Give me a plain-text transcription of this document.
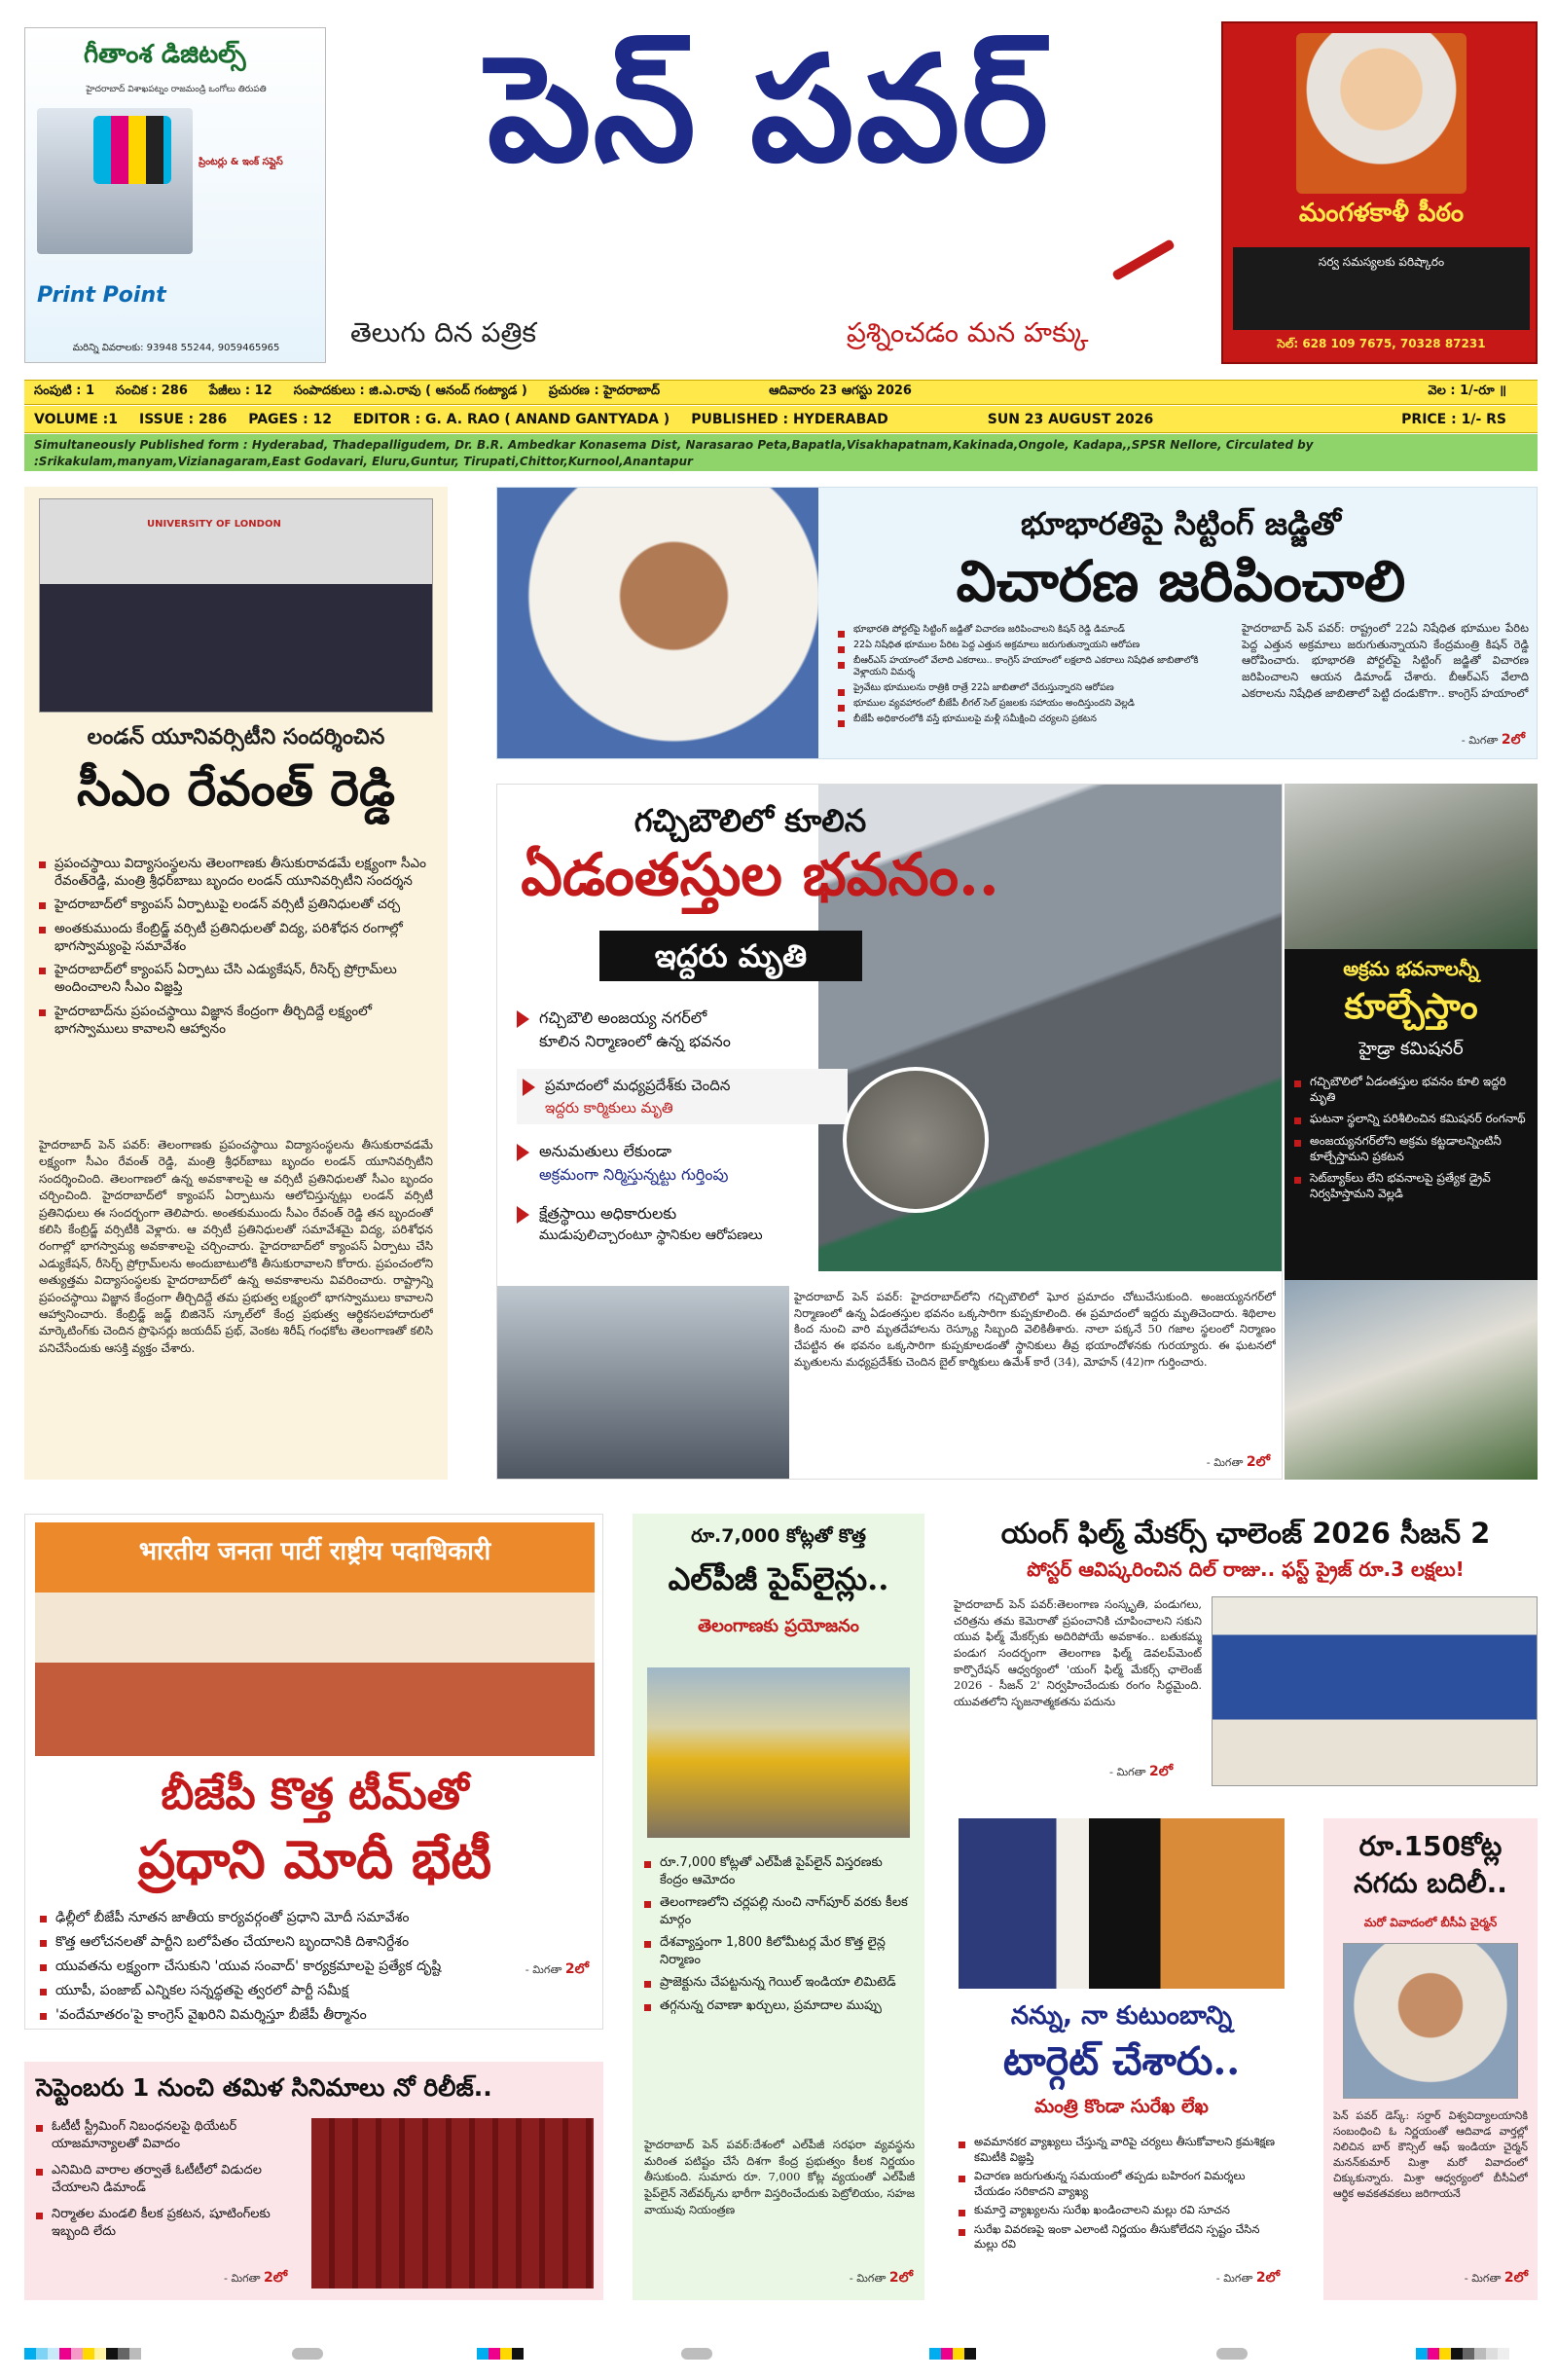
గీతాంశ డిజిటల్స్
హైదరాబాద్ విశాఖపట్నం రాజమండ్రి ఒంగోలు తిరుపతి
ప్రింటర్లు & ఇంక్ సప్లైస్
Print Point
మరిన్ని వివరాలకు: 93948 55244, 9059465965
పెన్ పవర్
తెలుగు దిన పత్రిక	ప్రశ్నించడం మన హక్కు
మంగళకాళీ పీఠం
సర్వ సమస్యలకు పరిష్కారం
సెల్: 628 109 7675, 70328 87231
సంపుటి : 1 సంచిక : 286 పేజీలు : 12 సంపాదకులు : జి.ఎ.రావు ( ఆనంద్ గంట్యాడ ) ప్రచురణ : హైదరాబాద్	ఆదివారం 23 ఆగస్టు 2026	వెల : 1/-రూ ॥
VOLUME :1 ISSUE : 286 PAGES : 12 EDITOR : G. A. RAO ( ANAND GANTYADA ) PUBLISHED : HYDERABAD	SUN 23 AUGUST 2026	PRICE : 1/- RS
Simultaneously Published form : Hyderabad, Thadepalligudem, Dr. B.R. Ambedkar Konasema Dist, Narasarao Peta,Bapatla,Visakhapatnam,Kakinada,Ongole, Kadapa,,SPSR Nellore, Circulated by :Srikakulam,manyam,Vizianagaram,East Godavari, Eluru,Guntur, Tirupati,Chittor,Kurnool,Anantapur
UNIVERSITY OF LONDON
లండన్ యూనివర్సిటీని సందర్శించిన
సీఎం రేవంత్ రెడ్డి
ప్రపంచస్థాయి విద్యాసంస్థలను తెలంగాణకు తీసుకురావడమే లక్ష్యంగా సీఎం రేవంత్‌రెడ్డి, మంత్రి శ్రీధర్‌బాబు బృందం లండన్ యూనివర్సిటీని సందర్శన
హైదరాబాద్‌లో క్యాంపస్ ఏర్పాటుపై లండన్ వర్సిటీ ప్రతినిధులతో చర్చ
అంతకుముందు కేంబ్రిడ్జ్ వర్సిటీ ప్రతినిధులతో విద్య, పరిశోధన రంగాల్లో భాగస్వామ్యంపై సమావేశం
హైదరాబాద్‌లో క్యాంపస్ ఏర్పాటు చేసి ఎడ్యుకేషన్, రీసెర్చ్ ప్రోగ్రామ్‌లు అందించాలని సీఎం విజ్ఞప్తి
హైదరాబాద్‌ను ప్రపంచస్థాయి విజ్ఞాన కేంద్రంగా తీర్చిదిద్దే లక్ష్యంలో భాగస్వాములు కావాలని ఆహ్వానం
హైదరాబాద్ పెన్ పవర్: తెలంగాణకు ప్రపంచస్థాయి విద్యాసంస్థలను తీసుకురావడమే లక్ష్యంగా సీఎం రేవంత్ రెడ్డి, మంత్రి శ్రీధర్‌బాబు బృందం లండన్ యూనివర్సిటీని సందర్శించింది. తెలంగాణలో ఉన్న అవకాశాలపై ఆ వర్సిటీ ప్రతినిధులతో సీఎం బృందం చర్చించింది. హైదరాబాద్‌లో క్యాంపస్ ఏర్పాటును ఆలోచిస్తున్నట్లు లండన్ వర్సిటీ ప్రతినిధులు ఈ సందర్భంగా తెలిపారు. అంతకుముందు సీఎం రేవంత్ రెడ్డి తన బృందంతో కలిసి కేంబ్రిడ్జ్ వర్సిటీకి వెళ్లారు. ఆ వర్సిటీ ప్రతినిధులతో సమావేశమై విద్య, పరిశోధన రంగాల్లో భాగస్వామ్య అవకాశాలపై చర్చించారు. హైదరాబాద్‌లో క్యాంపస్ ఏర్పాటు చేసి ఎడ్యుకేషన్, రీసెర్చ్ ప్రోగ్రామ్‌లను అందుబాటులోకి తీసుకురావాలని కోరారు. ప్రపంచంలోని అత్యుత్తమ విద్యాసంస్థలకు హైదరాబాద్‌లో ఉన్న అవకాశాలను వివరించారు. రాష్ట్రాన్ని ప్రపంచస్థాయి విజ్ఞాన కేంద్రంగా తీర్చిదిద్దే తమ ప్రభుత్వ లక్ష్యంలో భాగస్వాములు కావాలని ఆహ్వానించారు. కేంబ్రిడ్జ్ జడ్జ్ బిజినెస్ స్కూల్‌లో కేంద్ర ప్రభుత్వ ఆర్థికసలహాదారులో మార్కెటింగ్‌కు చెందిన ప్రొఫెసర్లు జయదీప్ ప్రభ్, వెంకట శిరీష్ గంధకోట తెలంగాణతో కలిసి పనిచేసేందుకు ఆసక్తి వ్యక్తం చేశారు.
భూభారతిపై సిట్టింగ్ జడ్జితో
విచారణ జరిపించాలి
భూభారతి పోర్టల్‌పై సిట్టింగ్ జడ్జితో విచారణ జరిపించాలని కిషన్ రెడ్డి డిమాండ్
22ఏ నిషేధిత భూముల పేరిట పెద్ద ఎత్తున అక్రమాలు జరుగుతున్నాయని ఆరోపణ
బీఆర్ఎస్ హయాంలో వేలాది ఎకరాలు.. కాంగ్రెస్ హయాంలో లక్షలాది ఎకరాలు నిషేధిత జాబితాలోకి వెళ్లాయని విమర్శ
ప్రైవేటు భూములను రాత్రికి రాత్రే 22ఏ జాబితాలో చేరుస్తున్నారని ఆరోపణ
భూముల వ్యవహారంలో బీజేపీ లీగల్ సెల్ ప్రజలకు సహాయం అందిస్తుందని వెల్లడి
బీజేపీ అధికారంలోకి వస్తే భూములపై మళ్లీ సమీక్షించి చర్యలని ప్రకటన
హైదరాబాద్ పెన్ పవర్: రాష్ట్రంలో 22ఏ నిషేధిత భూముల పేరిట పెద్ద ఎత్తున అక్రమాలు జరుగుతున్నాయని కేంద్రమంత్రి కిషన్ రెడ్డి ఆరోపించారు. భూభారతి పోర్టల్‌పై సిట్టింగ్ జడ్జితో విచారణ జరిపించాలని ఆయన డిమాండ్ చేశారు. బీఆర్ఎస్ వేలాది ఎకరాలను నిషేధిత జాబితాలో పెట్టి దండుకొగా.. కాంగ్రెస్ హయాంలో
- మిగతా 2లో
గచ్చిబౌలిలో కూలిన
ఏడంతస్తుల భవనం..
ఇద్దరు మృతి
గచ్చిబౌలి అంజయ్య నగర్‌లో
కూలిన నిర్మాణంలో ఉన్న భవనం
ప్రమాదంలో మధ్యప్రదేశ్‌కు చెందిన
ఇద్దరు కార్మికులు మృతి
అనుమతులు లేకుండా
అక్రమంగా నిర్మిస్తున్నట్టు గుర్తింపు
క్షేత్రస్థాయి అధికారులకు
ముడుపులిచ్చారంటూ స్థానికుల ఆరోపణలు
హైదరాబాద్ పెన్ పవర్: హైదరాబాద్‌లోని గచ్చిబౌలిలో ఘోర ప్రమాదం చోటుచేసుకుంది. అంజయ్యనగర్‌లో నిర్మాణంలో ఉన్న ఏడంతస్తుల భవనం ఒక్కసారిగా కుప్పకూలింది. ఈ ప్రమాదంలో ఇద్దరు మృతిచెందారు. శిథిలాల కింద నుంచి వారి మృతదేహాలను రెస్క్యూ సిబ్బంది వెలికితీశారు. నాలా పక్కనే 50 గజాల స్థలంలో నిర్మాణం చేపట్టిన ఈ భవనం ఒక్కసారిగా కుప్పకూలడంతో స్థానికులు తీవ్ర భయాందోళనకు గురయ్యారు. ఈ ఘటనలో మృతులను మధ్యప్రదేశ్‌కు చెందిన బైల్ కార్మికులు ఉమేశ్ కారే (34), మోహన్ (42)గా గుర్తించారు.
- మిగతా 2లో
అక్రమ భవనాలన్నీ
కూల్చేస్తాం
హైడ్రా కమిషనర్
గచ్చిబౌలిలో ఏడంతస్తుల భవనం కూలి ఇద్దరి మృతి
ఘటనా స్థలాన్ని పరిశీలించిన కమిషనర్ రంగనాథ్
అంజయ్యనగర్‌లోని అక్రమ కట్టడాలన్నింటినీ కూల్చేస్తామని ప్రకటన
సెట్‌బ్యాక్‌లు లేని భవనాలపై ప్రత్యేక డ్రైవ్ నిర్వహిస్తామని వెల్లడి
भारतीय जनता पार्टी राष्ट्रीय पदाधिकारी
బీజేపీ కొత్త టీమ్‌తో
ప్రధాని మోదీ భేటీ
ఢిల్లీలో బీజేపీ నూతన జాతీయ కార్యవర్గంతో ప్రధాని మోదీ సమావేశం
కొత్త ఆలోచనలతో పార్టీని బలోపేతం చేయాలని బృందానికి దిశానిర్దేశం
యువతను లక్ష్యంగా చేసుకుని 'యువ సంవాద్' కార్యక్రమాలపై ప్రత్యేక దృష్టి
యూపీ, పంజాబ్ ఎన్నికల సన్నద్ధతపై త్వరలో పార్టీ సమీక్ష
'వందేమాతరం'పై కాంగ్రెస్ వైఖరిని విమర్శిస్తూ బీజేపీ తీర్మానం
- మిగతా 2లో
సెప్టెంబరు 1 నుంచి తమిళ సినిమాలు నో రిలీజ్..
ఓటీటీ స్ట్రీమింగ్ నిబంధనలపై థియేటర్ యాజమాన్యాలతో వివాదం
ఎనిమిది వారాల తర్వాతే ఓటీటీలో విడుదల చేయాలని డిమాండ్
నిర్మాతల మండలి కీలక ప్రకటన, షూటింగ్‌లకు ఇబ్బంది లేదు
- మిగతా 2లో
రూ.7,000 కోట్లతో కొత్త
ఎల్‌పీజీ పైప్‌లైన్లు..
తెలంగాణకు ప్రయోజనం
రూ.7,000 కోట్లతో ఎల్‌పీజీ పైప్‌లైన్ విస్తరణకు కేంద్రం ఆమోదం
తెలంగాణలోని చర్లపల్లి నుంచి నాగ్‌పూర్ వరకు కీలక మార్గం
దేశవ్యాప్తంగా 1,800 కిలోమీటర్ల మేర కొత్త లైన్ల నిర్మాణం
ప్రాజెక్టును చేపట్టనున్న గెయిల్ ఇండియా లిమిటెడ్
తగ్గనున్న రవాణా ఖర్చులు, ప్రమాదాల ముప్పు
హైదరాబాద్ పెన్ పవర్:దేశంలో ఎల్‌పీజీ సరఫరా వ్యవస్థను మరింత పటిష్టం చేసే దిశగా కేంద్ర ప్రభుత్వం కీలక నిర్ణయం తీసుకుంది. సుమారు రూ. 7,000 కోట్ల వ్యయంతో ఎల్‌పీజీ పైప్‌లైన్ నెట్‌వర్క్‌ను భారీగా విస్తరించేందుకు పెట్రోలియం, సహజ వాయువు నియంత్రణ
- మిగతా 2లో
యంగ్ ఫిల్మ్ మేకర్స్ ఛాలెంజ్ 2026 సీజన్ 2
పోస్టర్ ఆవిష్కరించిన దిల్ రాజు.. ఫస్ట్ ప్రైజ్ రూ.3 లక్షలు!
హైదరాబాద్ పెన్ పవర్:తెలంగాణ సంస్కృతి, పండుగలు, చరిత్రను తమ కెమెరాతో ప్రపంచానికి చూపించాలని సకుని యువ ఫిల్మ్ మేకర్స్‌కు అదిరిపోయే అవకాశం.. బతుకమ్మ పండుగ సందర్భంగా తెలంగాణ ఫిల్మ్ డెవలప్‌మెంట్ కార్పొరేషన్ ఆధ్వర్యంలో 'యంగ్ ఫిల్మ్ మేకర్స్ ఛాలెంజ్ 2026 - సీజన్ 2' నిర్వహించేందుకు రంగం సిద్ధమైంది. యువతలోని సృజనాత్మకతను పదును
- మిగతా 2లో
నన్ను, నా కుటుంబాన్ని
టార్గెట్ చేశారు..
మంత్రి కొండా సురేఖ లేఖ
అవమానకర వ్యాఖ్యలు చేస్తున్న వారిపై చర్యలు తీసుకోవాలని క్రమశిక్షణ కమిటీకి విజ్ఞప్తి
విచారణ జరుగుతున్న సమయంలో తప్పడు బహిరంగ విమర్శలు చేయడం సరికాదని వ్యాఖ్య
కుమార్తె వ్యాఖ్యలను సురేఖ ఖండించాలని మల్లు రవి సూచన
సురేఖ వివరణపై ఇంకా ఎలాంటి నిర్ణయం తీసుకోలేదని స్పష్టం చేసిన మల్లు రవి
- మిగతా 2లో
రూ.150కోట్ల నగదు బదిలీ..
మరో వివాదంలో బీసీఏ చైర్మన్
పెన్ పవర్ డెస్క్: సర్దార్ విశ్వవిద్యాలయానికి సంబంధించి ఓ నిర్ణయంతో ఆదివాడ వార్తల్లో నిలిచిన బార్ కౌన్సిల్ ఆఫ్ ఇండియా చైర్మన్ మనన్‌కుమార్ మిశ్రా మరో వివాదంలో చిక్కుకున్నారు. మిశ్రా ఆధ్వర్యంలో బీసీఏలో ఆర్థిక అవకతవకలు జరిగాయనే
- మిగతా 2లో
